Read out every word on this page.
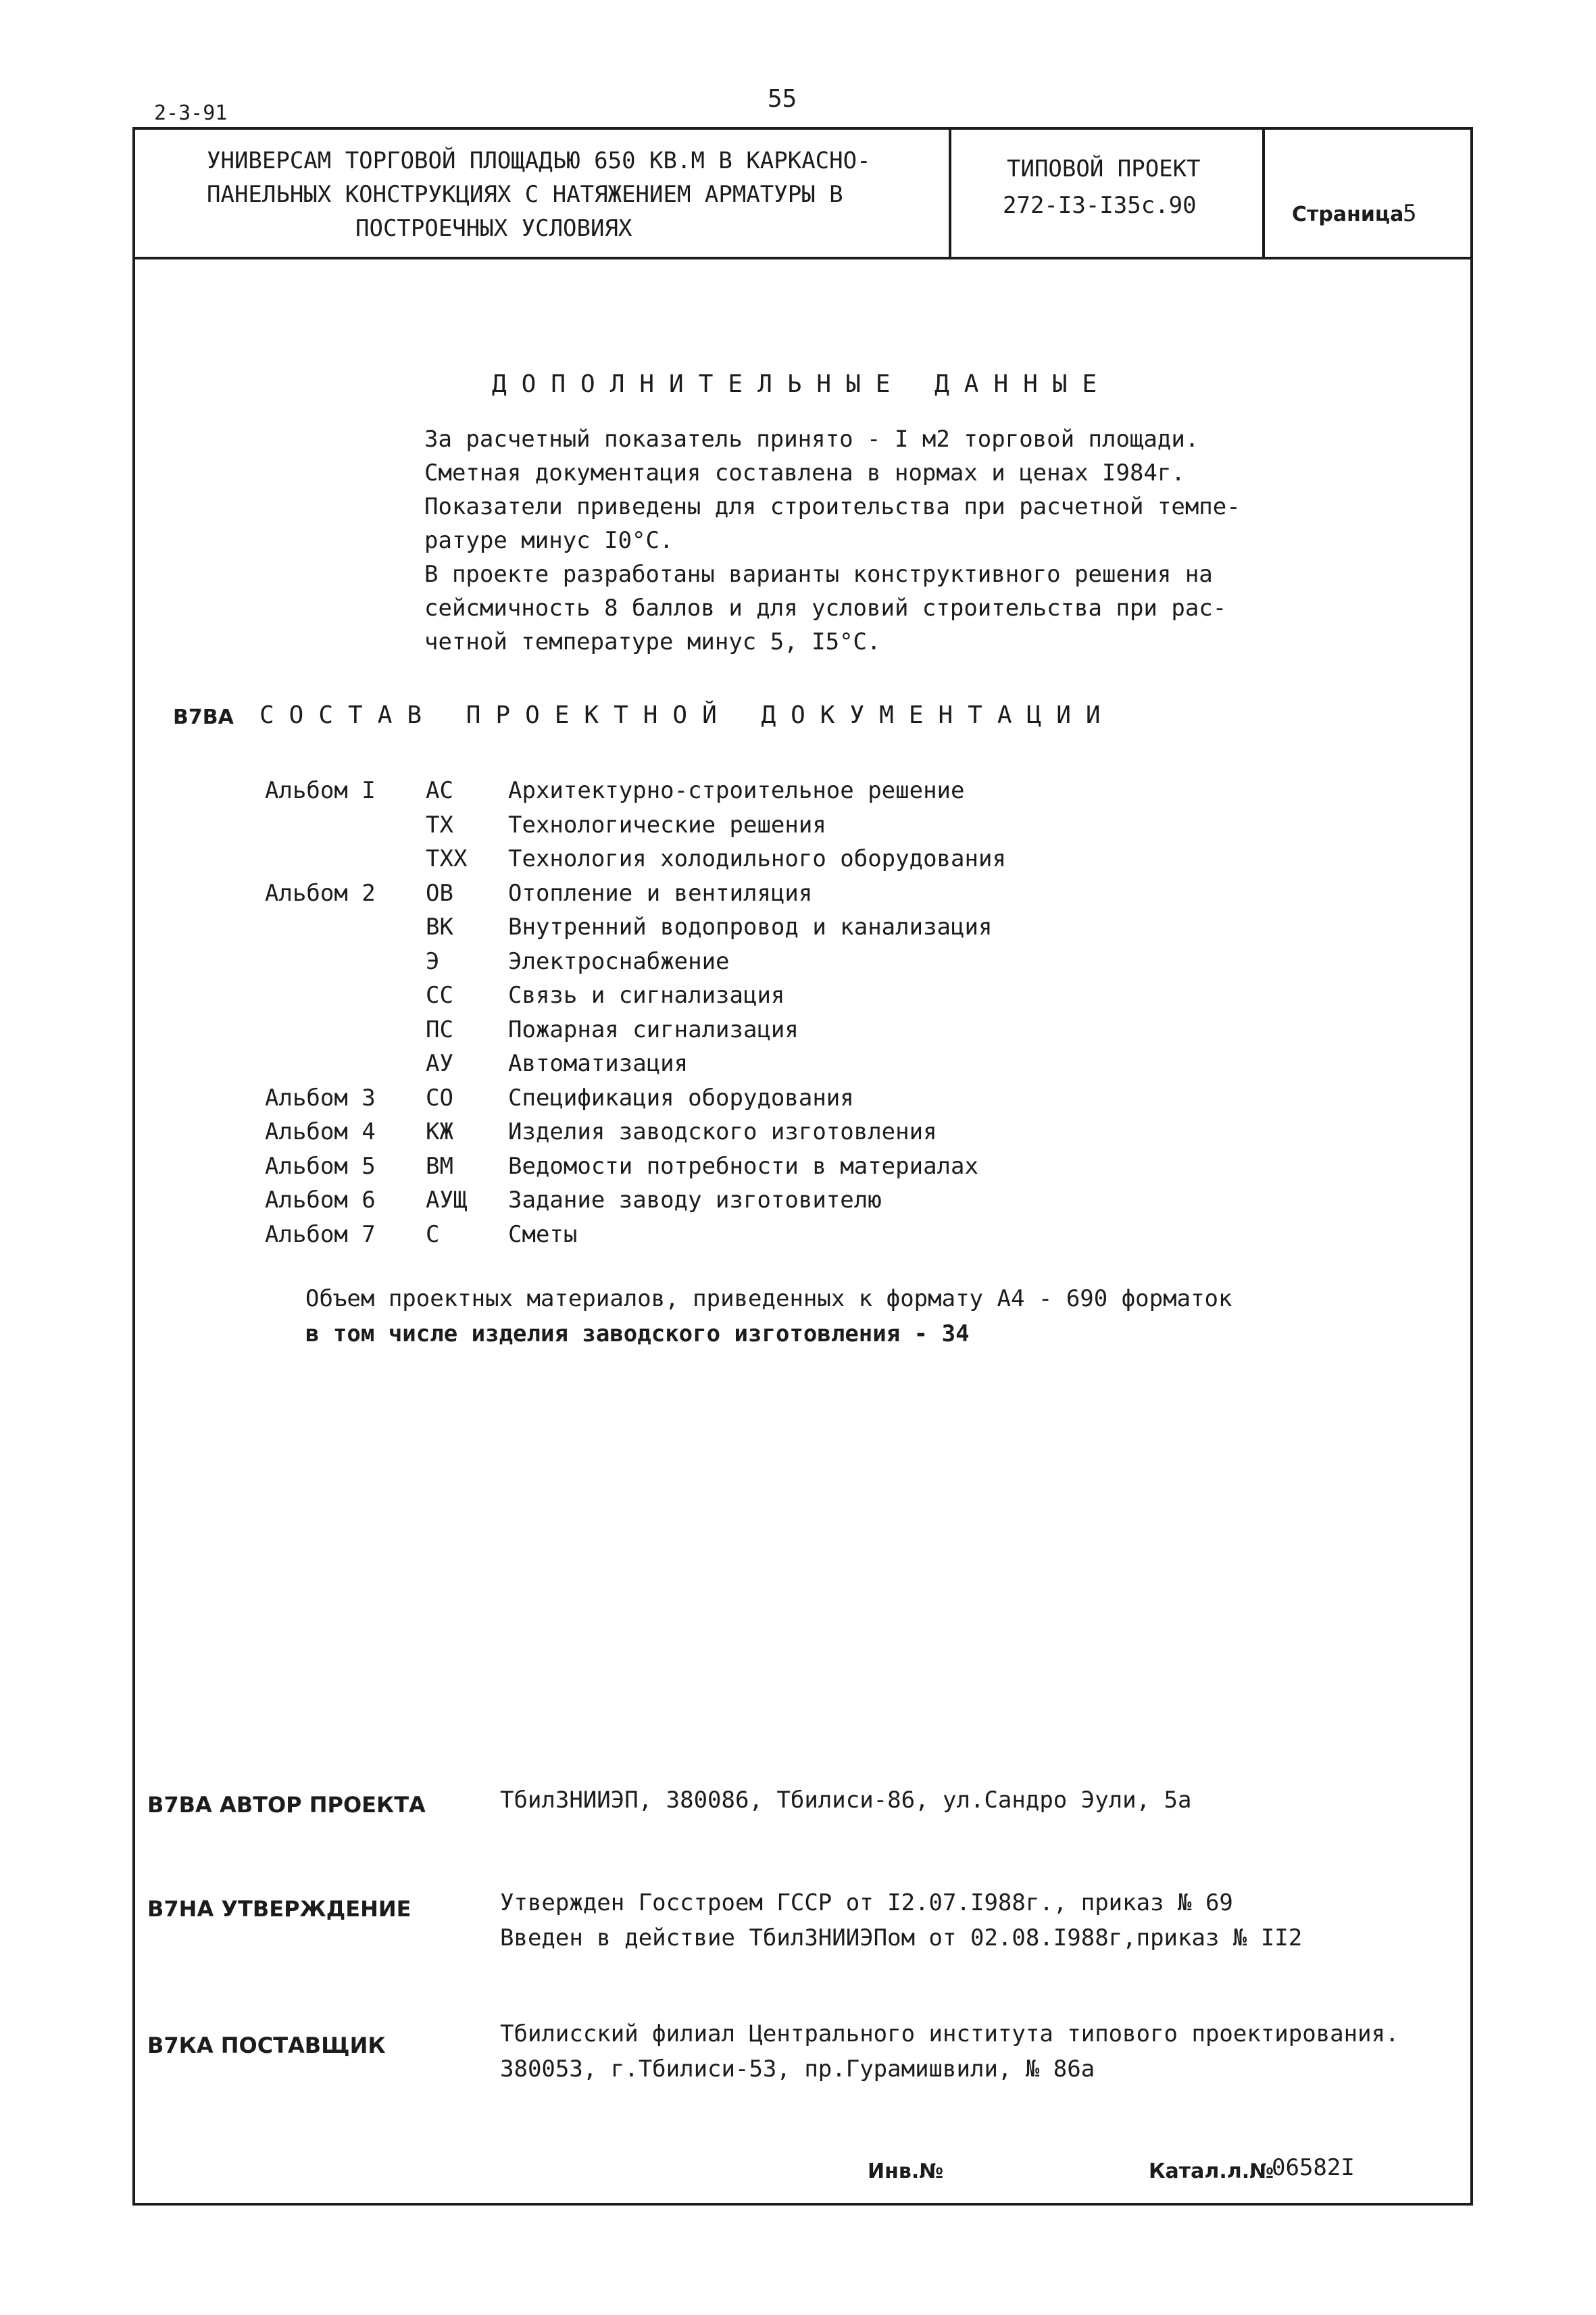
2-3-91
55
УНИВЕРСАМ ТОРГОВОЙ ПЛОЩАДЬЮ 650 КВ.М В КАРКАСНО-
ПАНЕЛЬНЫХ КОНСТРУКЦИЯХ С НАТЯЖЕНИЕМ АРМАТУРЫ В
ПОСТРОЕЧНЫХ УСЛОВИЯХ
ТИПОВОЙ ПРОЕКТ
272-I3-I35с.90	Страница
5
ДОПОЛНИТЕЛЬНЫЕ ДАННЫЕ
За расчетный показатель принято - I м2 торговой площади.
Сметная документация составлена в нормах и ценах I984г.
Показатели приведены для строительства при расчетной темпе-
ратуре минус I0°С.
В проекте разработаны варианты конструктивного решения на
сейсмичность 8 баллов и для условий строительства при рас-
четной температуре минус 5, I5°С.
В7ВА СОСТАВ ПРОЕКТНОЙ ДОКУМЕНТАЦИИ
Альбом I АС Архитектурно-строительное решение
ТХ Технологические решения
ТХХ Технология холодильного оборудования
Альбом 2 ОВ Отопление и вентиляция
ВК Внутренний водопровод и канализация
Э	Электроснабжение
СС Связь и сигнализация
ПС Пожарная сигнализация
АУ Автоматизация
Альбом 3 СО Спецификация оборудования
Альбом 4 КЖ Изделия заводского изготовления
Альбом 5 ВМ Ведомости потребности в материалах
Альбом 6 АУЩ Задание заводу изготовителю
Альбом 7 С	Сметы
Объем проектных материалов, приведенных к формату А4 - 690 форматок
в том числе изделия заводского изготовления - 34
В7ВА АВТОР ПРОЕКТА	ТбилЗНИИЭП, 380086, Тбилиси-86, ул.Сандро Эули, 5а
В7НА УТВЕРЖДЕНИЕ	Утвержден Госстроем ГССР от I2.07.I988г., приказ № 69
Введен в действие ТбилЗНИИЭПом от 02.08.I988г,приказ № II2
В7КА ПОСТАВЩИК	Тбилисский филиал Центрального института типового проектирования.
380053, г.Тбилиси-53, пр.Гурамишвили, № 86а
Инв.№	Катал.л.№
06582I
